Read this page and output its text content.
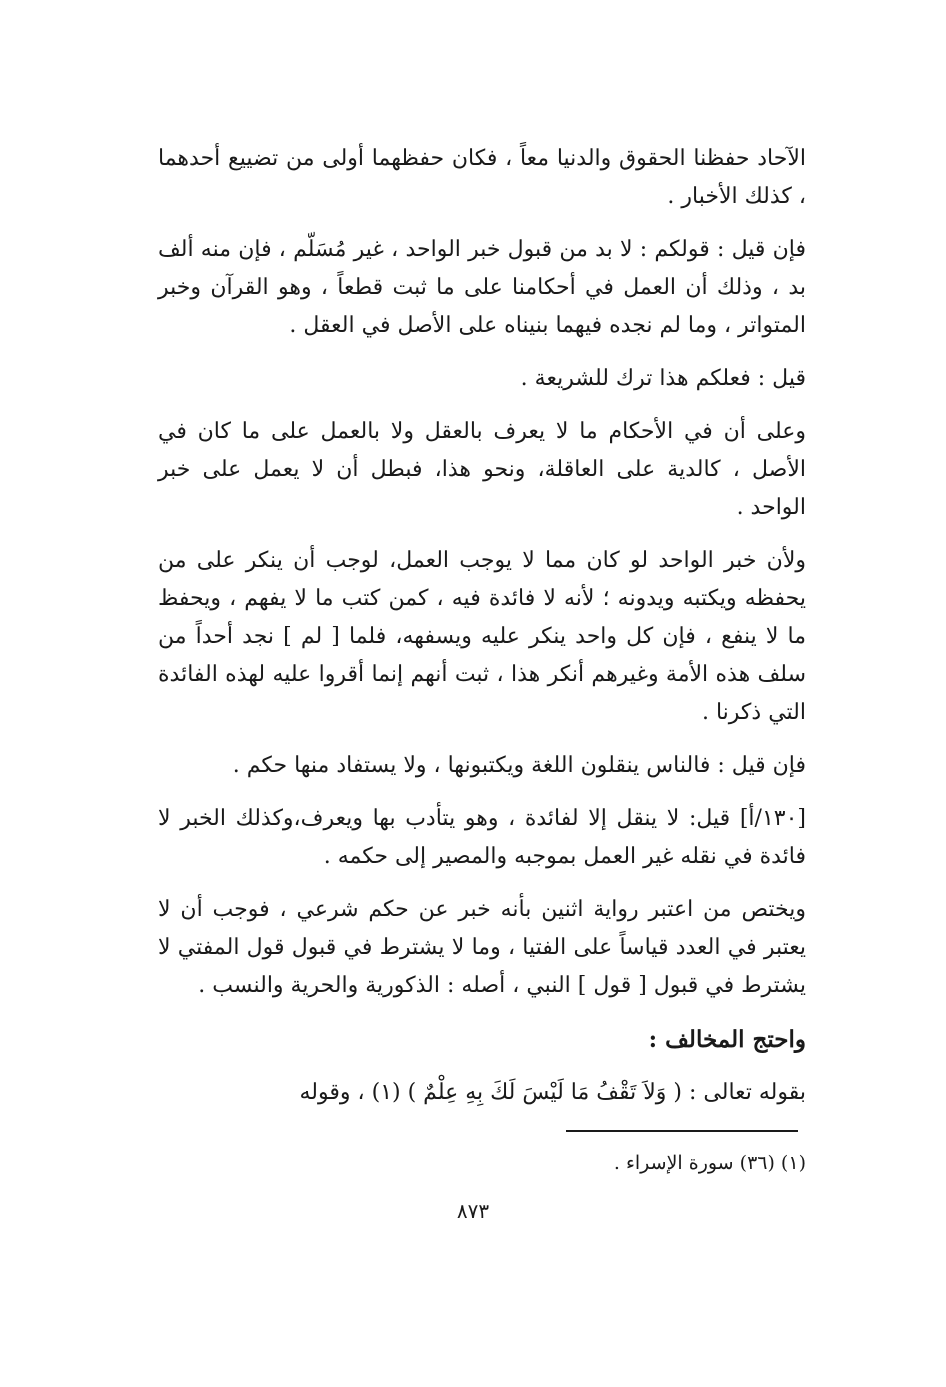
الآحاد حفظنا الحقوق والدنيا معاً ، فكان حفظهما أولى من تضييع أحدهما ، كذلك الأخبار .

فإن قيل : قولكم : لا بد من قبول خبر الواحد ، غير مُسَلّم ، فإن منه ألف بد ، وذلك أن العمل في أحكامنا على ما ثبت قطعاً ، وهو القرآن وخبر المتواتر ، وما لم نجده فيهما بنيناه على الأصل في العقل .

قيل : فعلكم هذا ترك للشريعة .

وعلى أن في الأحكام ما لا يعرف بالعقل ولا بالعمل على ما كان في الأصل ، كالدية على العاقلة، ونحو هذا، فبطل أن لا يعمل على خبر الواحد .

ولأن خبر الواحد لو كان مما لا يوجب العمل، لوجب أن ينكر على من يحفظه ويكتبه ويدونه ؛ لأنه لا فائدة فيه ، كمن كتب ما لا يفهم ، ويحفظ ما لا ينفع ، فإن كل واحد ينكر عليه ويسفهه، فلما [ لم ] نجد أحداً من سلف هذه الأمة وغيرهم أنكر هذا ، ثبت أنهم إنما أقروا عليه لهذه الفائدة التي ذكرنا .

فإن قيل : فالناس ينقلون اللغة ويكتبونها ، ولا يستفاد منها حكم .

[١٣٠/أ] قيل: لا ينقل إلا لفائدة ، وهو يتأدب بها ويعرف،وكذلك الخبر لا فائدة في نقله غير العمل بموجبه والمصير إلى حكمه .

ويختص من اعتبر رواية اثنين بأنه خبر عن حكم شرعي ، فوجب أن لا يعتبر في العدد قياساً على الفتيا ، وما لا يشترط في قبول قول المفتي لا يشترط في قبول [ قول ] النبي ، أصله : الذكورية والحرية والنسب .

واحتج المخالف :

بقوله تعالى : ( وَلاَ تَقْفُ مَا لَيْسَ لَكَ بِهِ عِلْمٌ ) (١) ، وقوله

(١) (٣٦) سورة الإسراء .
٨٧٣
